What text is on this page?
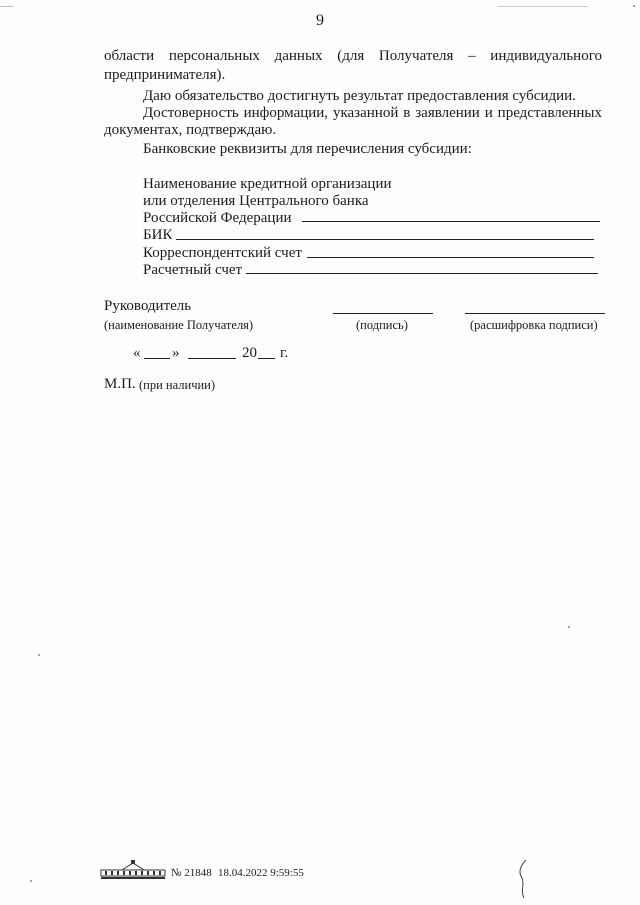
9

области персональных данных (для Получателя – индивидуального

предпринимателя).

Даю обязательство достигнуть результат предоставления субсидии.

Достоверность информации, указанной в заявлении и представленных

документах, подтверждаю.

Банковские реквизиты для перечисления субсидии:

Наименование кредитной организации

или отделения Центрального банка

Российской Федерации

БИК

Корреспондентский счет

Расчетный счет

Руководитель

(наименование Получателя)	(подпись)	(расшифровка подписи)

« »	20 г.

М.П. (при наличии)

№ 21848 18.04.2022 9:59:55
